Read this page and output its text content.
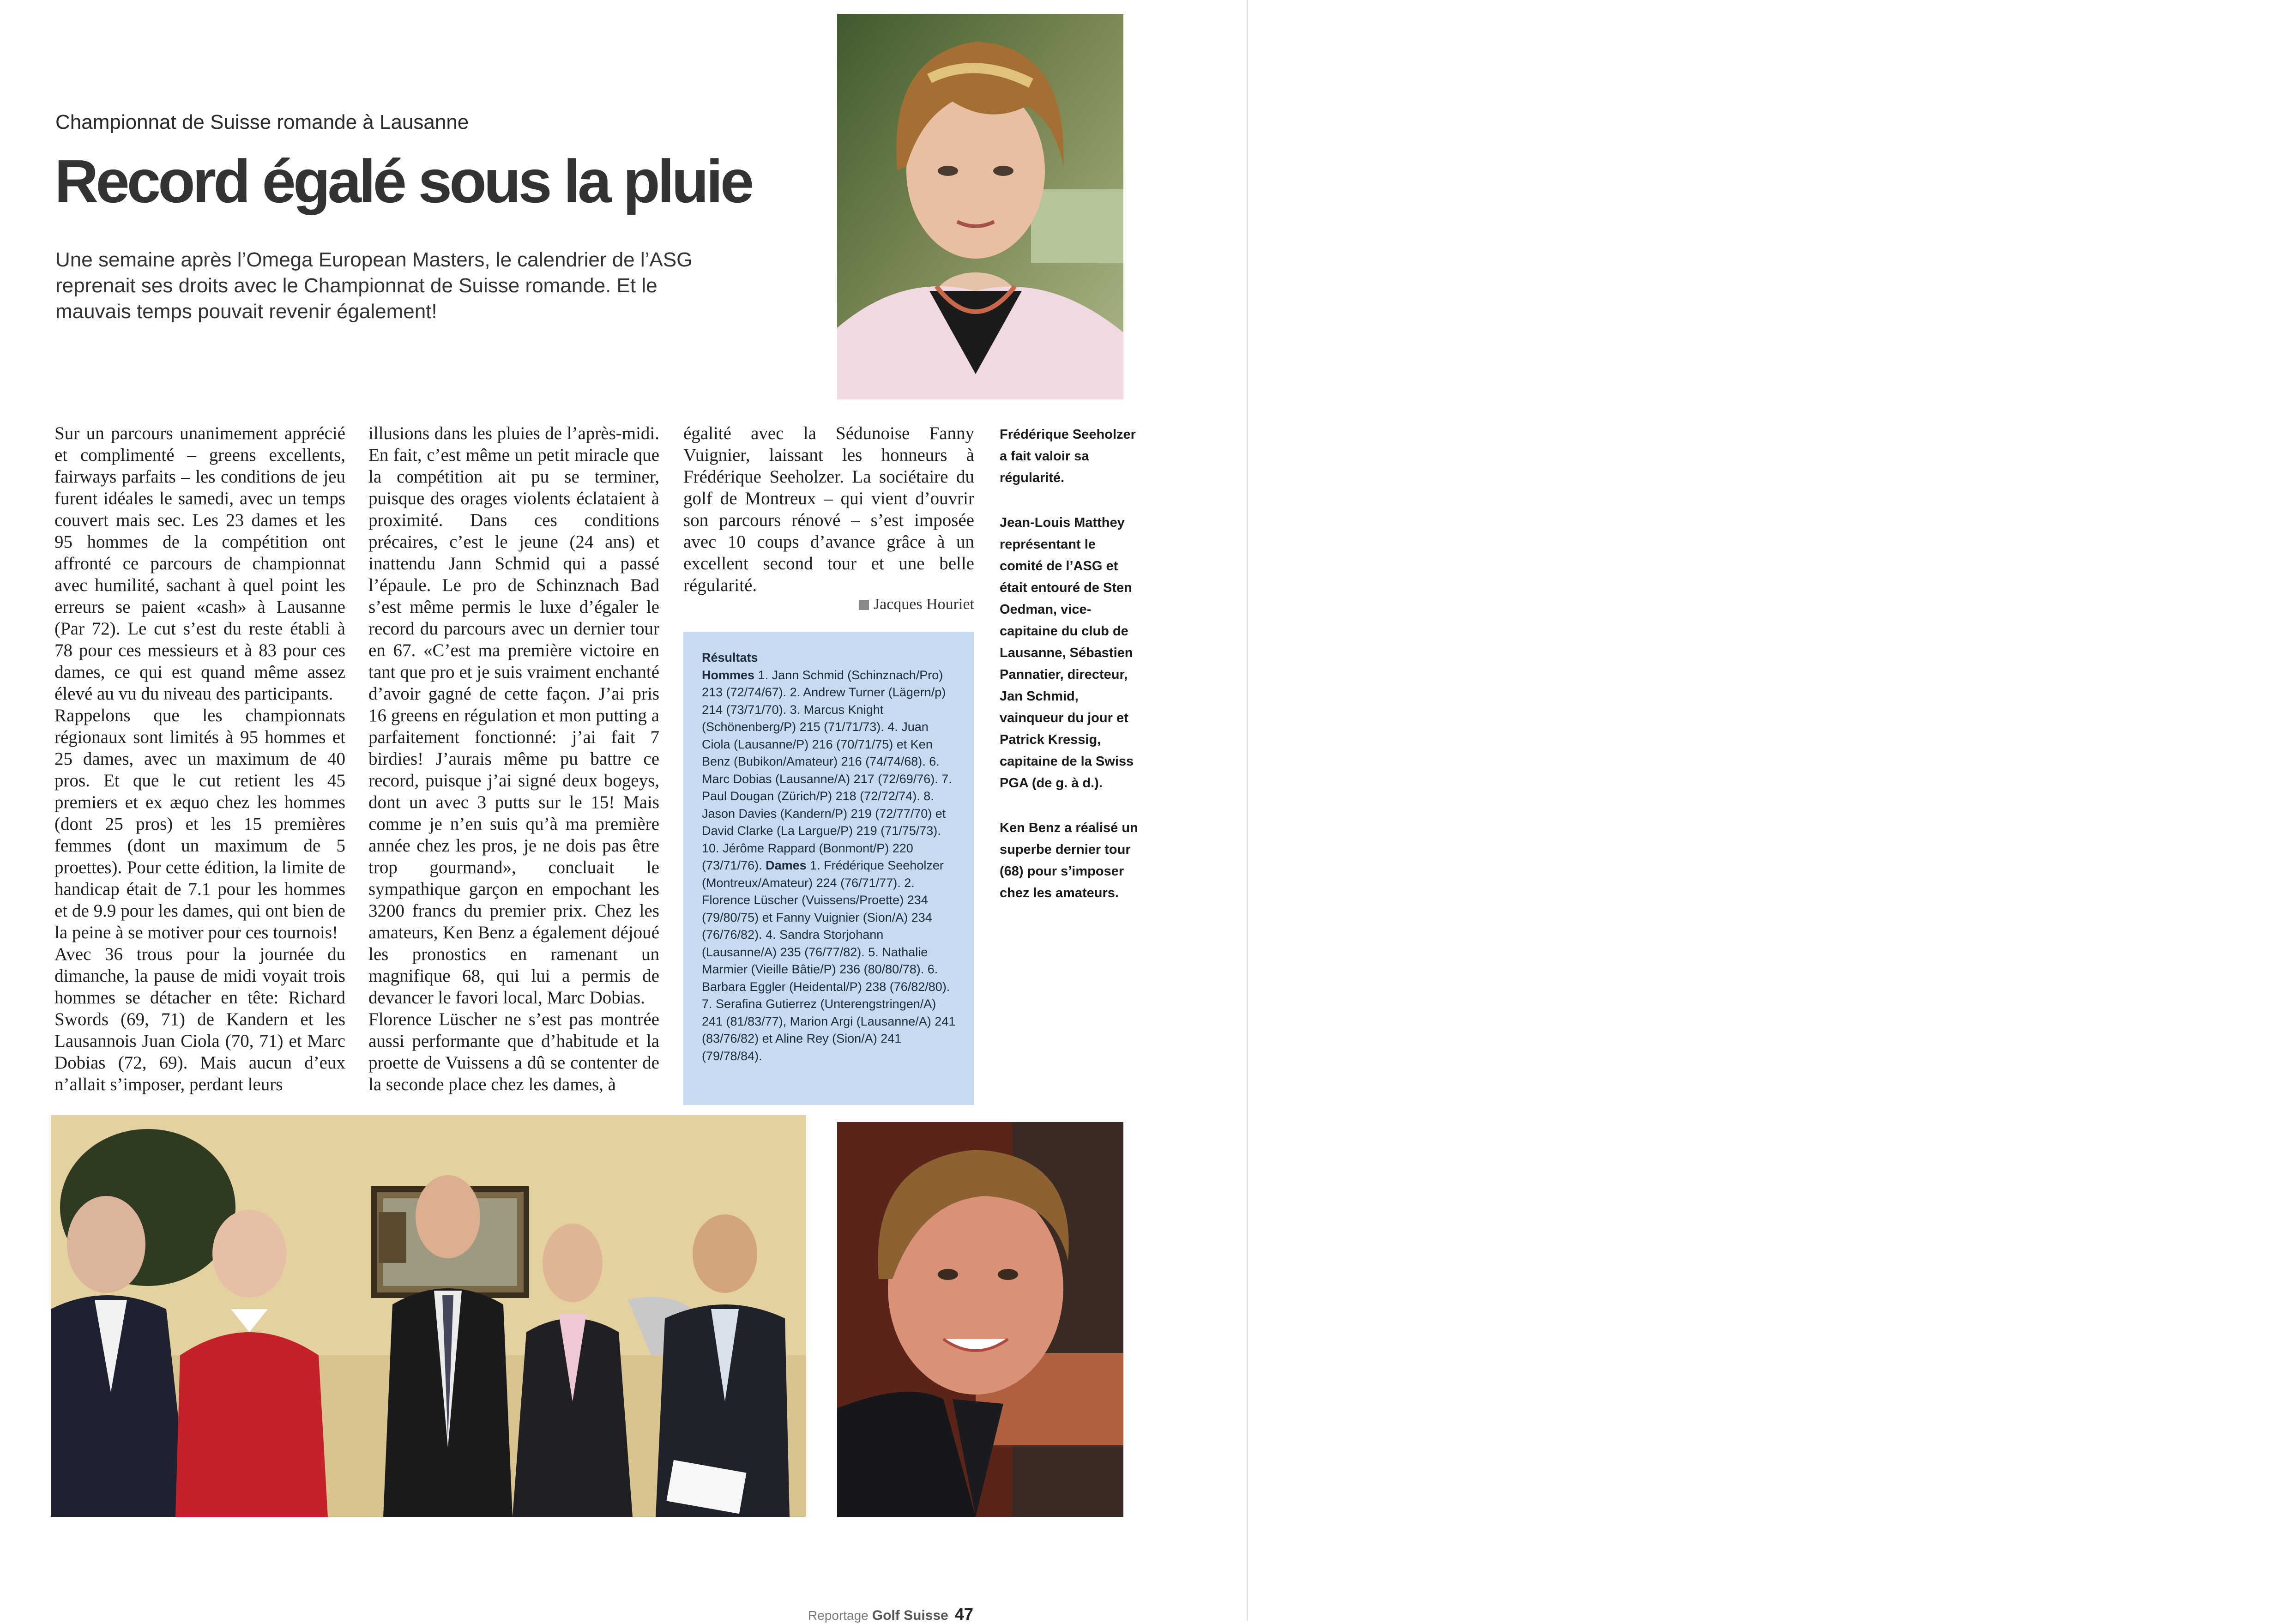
Championnat de Suisse romande à Lausanne
Record égalé sous la pluie
Une semaine après l’Omega European Masters, le calendrier de l’ASG reprenait ses droits avec le Championnat de Suisse romande. Et le mauvais temps pouvait revenir également!

Sur un parcours unanimement apprécié et complimenté – greens excellents, fairways parfaits – les conditions de jeu furent idéales le samedi, avec un temps couvert mais sec. Les 23 dames et les 95 hommes de la compétition ont affronté ce parcours de championnat avec humilité, sachant à quel point les erreurs se paient «cash» à Lausanne (Par 72). Le cut s’est du reste établi à 78 pour ces messieurs et à 83 pour ces dames, ce qui est quand même assez élevé au vu du niveau des participants.

Rappelons que les championnats régionaux sont limités à 95 hommes et 25 dames, avec un maximum de 40 pros. Et que le cut retient les 45 premiers et ex æquo chez les hommes (dont 25 pros) et les 15 premières femmes (dont un maximum de 5 proettes). Pour cette édition, la limite de handicap était de 7.1 pour les hommes et de 9.9 pour les dames, qui ont bien de la peine à se motiver pour ces tournois!

Avec 36 trous pour la journée du dimanche, la pause de midi voyait trois hommes se détacher en tête: Richard Swords (69, 71) de Kandern et les Lausannois Juan Ciola (70, 71) et Marc Dobias (72, 69). Mais aucun d’eux n’allait s’imposer, perdant leurs

illusions dans les pluies de l’après-midi. En fait, c’est même un petit miracle que la compétition ait pu se terminer, puisque des orages violents éclataient à proximité. Dans ces conditions précaires, c’est le jeune (24 ans) et inattendu Jann Schmid qui a passé l’épaule. Le pro de Schinznach Bad s’est même permis le luxe d’égaler le record du parcours avec un dernier tour en 67. «C’est ma première victoire en tant que pro et je suis vraiment enchanté d’avoir gagné de cette façon. J’ai pris 16 greens en régulation et mon putting a parfaitement fonctionné: j’ai fait 7 birdies! J’aurais même pu battre ce record, puisque j’ai signé deux bogeys, dont un avec 3 putts sur le 15! Mais comme je n’en suis qu’à ma première année chez les pros, je ne dois pas être trop gourmand», concluait le sympathique garçon en empochant les 3200 francs du premier prix. Chez les amateurs, Ken Benz a également déjoué les pronostics en ramenant un magnifique 68, qui lui a permis de devancer le favori local, Marc Dobias.

Florence Lüscher ne s’est pas montrée aussi performante que d’habitude et la proette de Vuissens a dû se contenter de la seconde place chez les dames, à

égalité avec la Sédunoise Fanny Vuignier, laissant les honneurs à Frédérique Seeholzer. La sociétaire du golf de Montreux – qui vient d’ouvrir son parcours rénové – s’est imposée avec 10 coups d’avance grâce à un excellent second tour et une belle régularité.

Jacques Houriet
Résultats
Hommes 1. Jann Schmid (Schinznach/Pro) 213 (72/74/67). 2. Andrew Turner (Lägern/p) 214 (73/71/70). 3. Marcus Knight (Schönenberg/P) 215 (71/71/73). 4. Juan Ciola (Lausanne/P) 216 (70/71/75) et Ken Benz (Bubikon/Amateur) 216 (74/74/68). 6. Marc Dobias (Lausanne/A) 217 (72/69/76). 7. Paul Dougan (Zürich/P) 218 (72/72/74). 8. Jason Davies (Kandern/P) 219 (72/77/70) et David Clarke (La Largue/P) 219 (71/75/73). 10. Jérôme Rappard (Bonmont/P) 220 (73/71/76). Dames 1. Frédérique Seeholzer (Montreux/Amateur) 224 (76/71/77). 2. Florence Lüscher (Vuissens/Proette) 234 (79/80/75) et Fanny Vuignier (Sion/A) 234 (76/76/82). 4. Sandra Storjohann (Lausanne/A) 235 (76/77/82). 5. Nathalie Marmier (Vieille Bâtie/P) 236 (80/80/78). 6. Barbara Eggler (Heidental/P) 238 (76/82/80). 7. Serafina Gutierrez (Unterengstringen/A) 241 (81/83/77), Marion Argi (Lausanne/A) 241 (83/76/82) et Aline Rey (Sion/A) 241 (79/78/84).

Frédérique Seeholzer a fait valoir sa régularité.

Jean-Louis Matthey représentant le comité de l’ASG et était entouré de Sten Oedman, vice-capitaine du club de Lausanne, Sébastien Pannatier, directeur, Jan Schmid, vainqueur du jour et Patrick Kressig, capitaine de la Swiss PGA (de g. à d.).

Ken Benz a réalisé un superbe dernier tour (68) pour s’imposer chez les amateurs.

Reportage Golf Suisse 47
